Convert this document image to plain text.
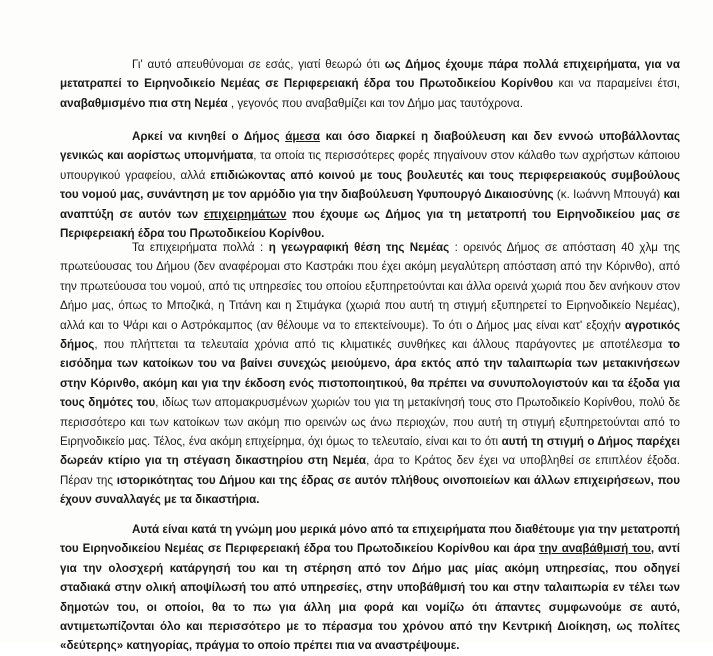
Γι' αυτό απευθύνομαι σε εσάς, γιατί θεωρώ ότι ως Δήμος έχουμε πάρα πολλά επιχειρήματα, για να μετατραπεί το Ειρηνοδικείο Νεμέας σε Περιφερειακή έδρα του Πρωτοδικείου Κορίνθου και να παραμείνει έτσι, αναβαθμισμένο πια στη Νεμέα , γεγονός που αναβαθμίζει και τον Δήμο μας ταυτόχρονα.

Αρκεί να κινηθεί ο Δήμος άμεσα και όσο διαρκεί η διαβούλευση και δεν εννοώ υποβάλλοντας γενικώς και αορίστως υπομνήματα, τα οποία τις περισσότερες φορές πηγαίνουν στον κάλαθο των αχρήστων κάποιου υπουργικού γραφείου, αλλά επιδιώκοντας από κοινού με τους βουλευτές και τους περιφερειακούς συμβούλους του νομού μας, συνάντηση με τον αρμόδιο για την διαβούλευση Υφυπουργό Δικαιοσύνης (κ. Ιωάννη Μπουγά) και αναπτύξη σε αυτόν των επιχειρημάτων που έχουμε ως Δήμος για τη μετατροπή του Ειρηνοδικείου μας σε Περιφερειακή έδρα του Πρωτοδικείου Κορίνθου.

Τα επιχειρήματα πολλά : η γεωγραφική θέση της Νεμέας : ορεινός Δήμος σε απόσταση 40 χλμ της πρωτεύουσας του Δήμου (δεν αναφέρομαι στο Καστράκι που έχει ακόμη μεγαλύτερη απόσταση από την Κόρινθο), από την πρωτεύουσα του νομού, από τις υπηρεσίες του οποίου εξυπηρετούνται και άλλα ορεινά χωριά που δεν ανήκουν στον Δήμο μας, όπως το Μποζικά, η Τιτάνη και η Στιμάγκα (χωριά που αυτή τη στιγμή εξυπηρετεί το Ειρηνοδικείο Νεμέας), αλλά και το Ψάρι και ο Αστρόκαμπος (αν θέλουμε να το επεκτείνουμε). Το ότι ο Δήμος μας είναι κατ' εξοχήν αγροτικός δήμος, που πλήττεται τα τελευταία χρόνια από τις κλιματικές συνθήκες και άλλους παράγοντες με αποτέλεσμα το εισόδημα των κατοίκων του να βαίνει συνεχώς μειούμενο, άρα εκτός από την ταλαιπωρία των μετακινήσεων στην Κόρινθο, ακόμη και για την έκδοση ενός πιστοποιητικού, θα πρέπει να συνυπολογιστούν και τα έξοδα για τους δημότες του, ιδίως των απομακρυσμένων χωριών του για τη μετακίνησή τους στο Πρωτοδικείο Κορίνθου, πολύ δε περισσότερο και των κατοίκων των ακόμη πιο ορεινών ως άνω περιοχών, που αυτή τη στιγμή εξυπηρετούνται από το Ειρηνοδικείο μας. Τέλος, ένα ακόμη επιχείρημα, όχι όμως το τελευταίο, είναι και το ότι αυτή τη στιγμή ο Δήμος παρέχει δωρεάν κτίριο για τη στέγαση δικαστηρίου στη Νεμέα, άρα το Κράτος δεν έχει να υποβληθεί σε επιπλέον έξοδα. Πέραν της ιστορικότητας του Δήμου και της έδρας σε αυτόν πλήθους οινοποιείων και άλλων επιχειρήσεων, που έχουν συναλλαγές με τα δικαστήρια.

Αυτά είναι κατά τη γνώμη μου μερικά μόνο από τα επιχειρήματα που διαθέτουμε για την μετατροπή του Ειρηνοδικείου Νεμέας σε Περιφερειακή έδρα του Πρωτοδικείου Κορίνθου και άρα την αναβάθμισή του, αντί για την ολοσχερή κατάργησή του και τη στέρηση από τον Δήμο μας μίας ακόμη υπηρεσίας, που οδηγεί σταδιακά στην ολική αποψίλωσή του από υπηρεσίες, στην υποβάθμισή του και στην ταλαιπωρία εν τέλει των δημοτών του, οι οποίοι, θα το πω για άλλη μια φορά και νομίζω ότι άπαντες συμφωνούμε σε αυτό, αντιμετωπίζονται όλο και περισσότερο με το πέρασμα του χρόνου από την Κεντρική Διοίκηση, ως πολίτες «δεύτερης» κατηγορίας, πράγμα το οποίο πρέπει πια να αναστρέψουμε.
